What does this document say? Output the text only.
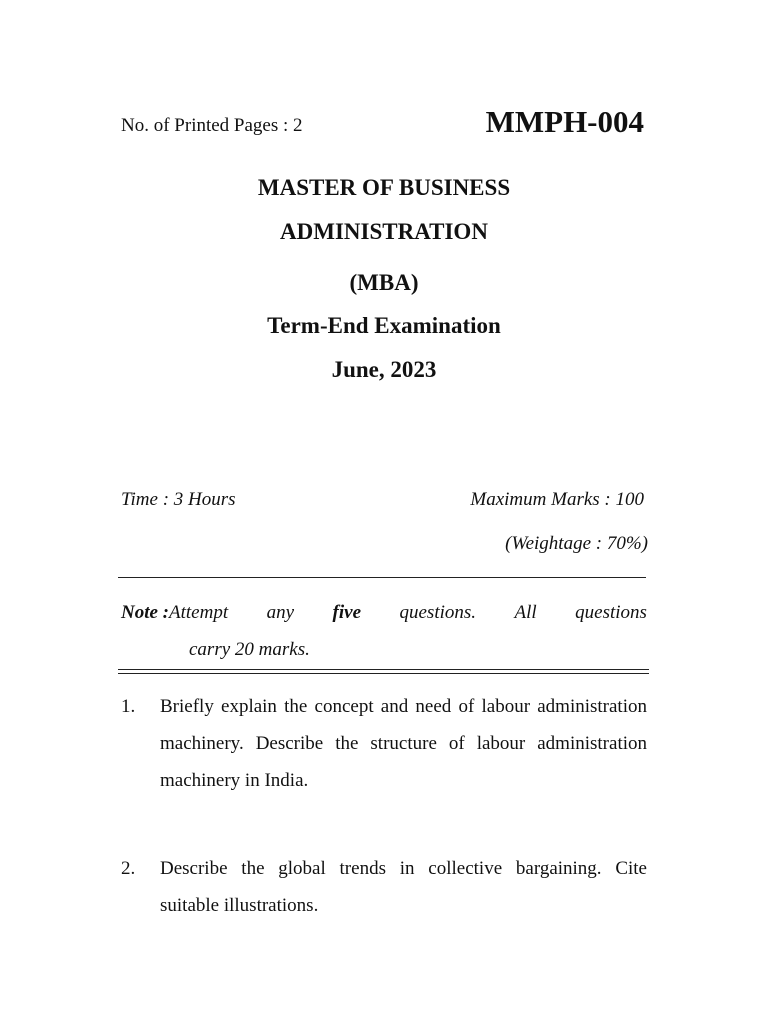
No. of Printed Pages : 2	MMPH-004
MASTER OF BUSINESS
ADMINISTRATION
(MBA)
Term-End Examination
June, 2023
Time : 3 Hours	Maximum Marks : 100
(Weightage : 70%)
Note :Attempt any five questions. All questions
carry 20 marks.
1. Briefly explain the concept and need of labour administration machinery. Describe the structure of labour administration machinery in India.
2. Describe the global trends in collective bargaining. Cite suitable illustrations.
